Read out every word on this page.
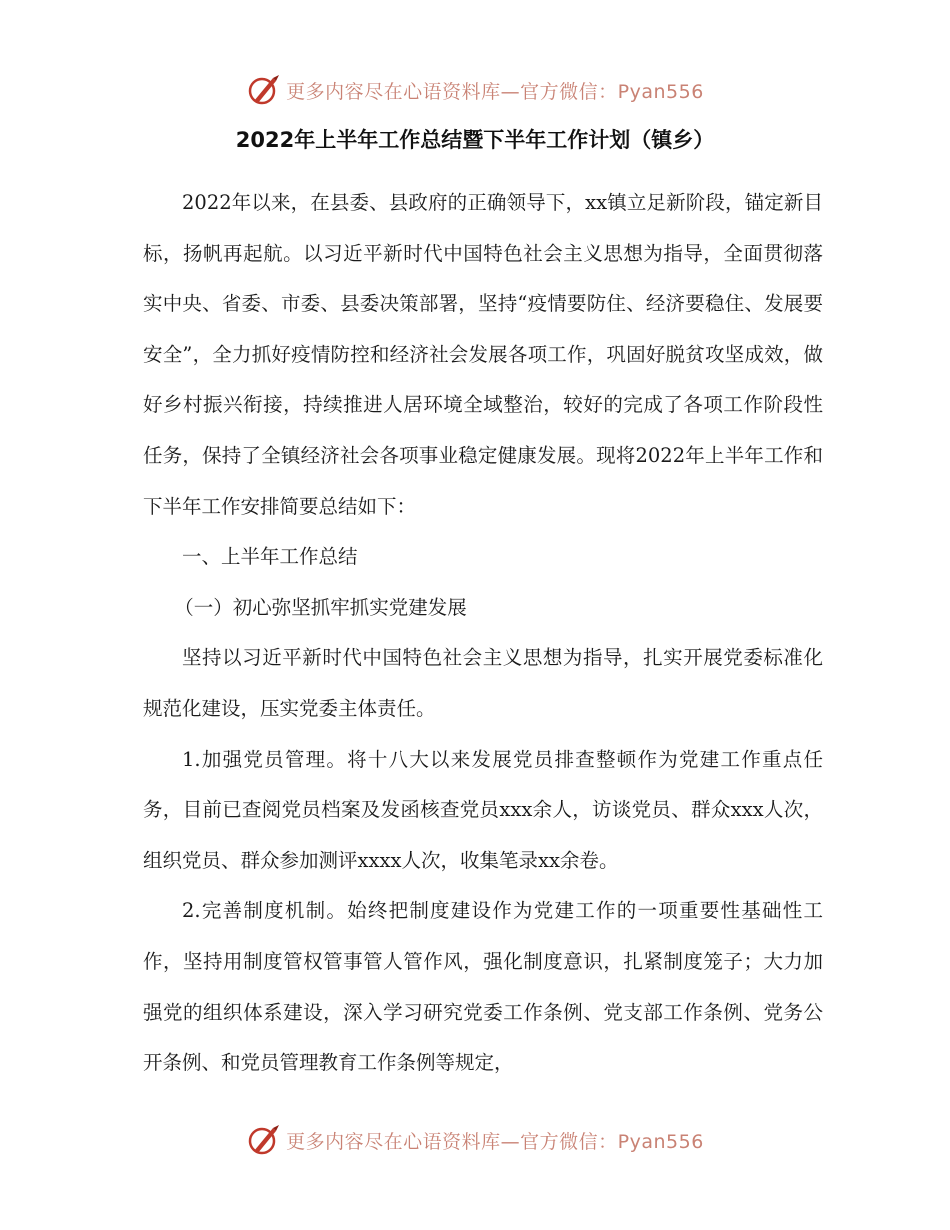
更多内容尽在心语资料库—官方微信：Pyan556
2022年上半年工作总结暨下半年工作计划（镇乡）

2022年以来，在县委、县政府的正确领导下，xx镇立足新阶段，锚定新目标，扬帆再起航。以习近平新时代中国特色社会主义思想为指导，全面贯彻落实中央、省委、市委、县委决策部署，坚持“疫情要防住、经济要稳住、发展要安全”，全力抓好疫情防控和经济社会发展各项工作，巩固好脱贫攻坚成效，做好乡村振兴衔接，持续推进人居环境全域整治，较好的完成了各项工作阶段性任务，保持了全镇经济社会各项事业稳定健康发展。现将2022年上半年工作和下半年工作安排简要总结如下：

一、上半年工作总结

（一）初心弥坚抓牢抓实党建发展

坚持以习近平新时代中国特色社会主义思想为指导，扎实开展党委标准化规范化建设，压实党委主体责任。

1.加强党员管理。将十八大以来发展党员排查整顿作为党建工作重点任务，目前已查阅党员档案及发函核查党员xxx余人，访谈党员、群众xxx人次，组织党员、群众参加测评xxxx人次，收集笔录xx余卷。

2.完善制度机制。始终把制度建设作为党建工作的一项重要性基础性工作，坚持用制度管权管事管人管作风，强化制度意识，扎紧制度笼子；大力加强党的组织体系建设，深入学习研究党委工作条例、党支部工作条例、党务公开条例、和党员管理教育工作条例等规定，

更多内容尽在心语资料库—官方微信：Pyan556
